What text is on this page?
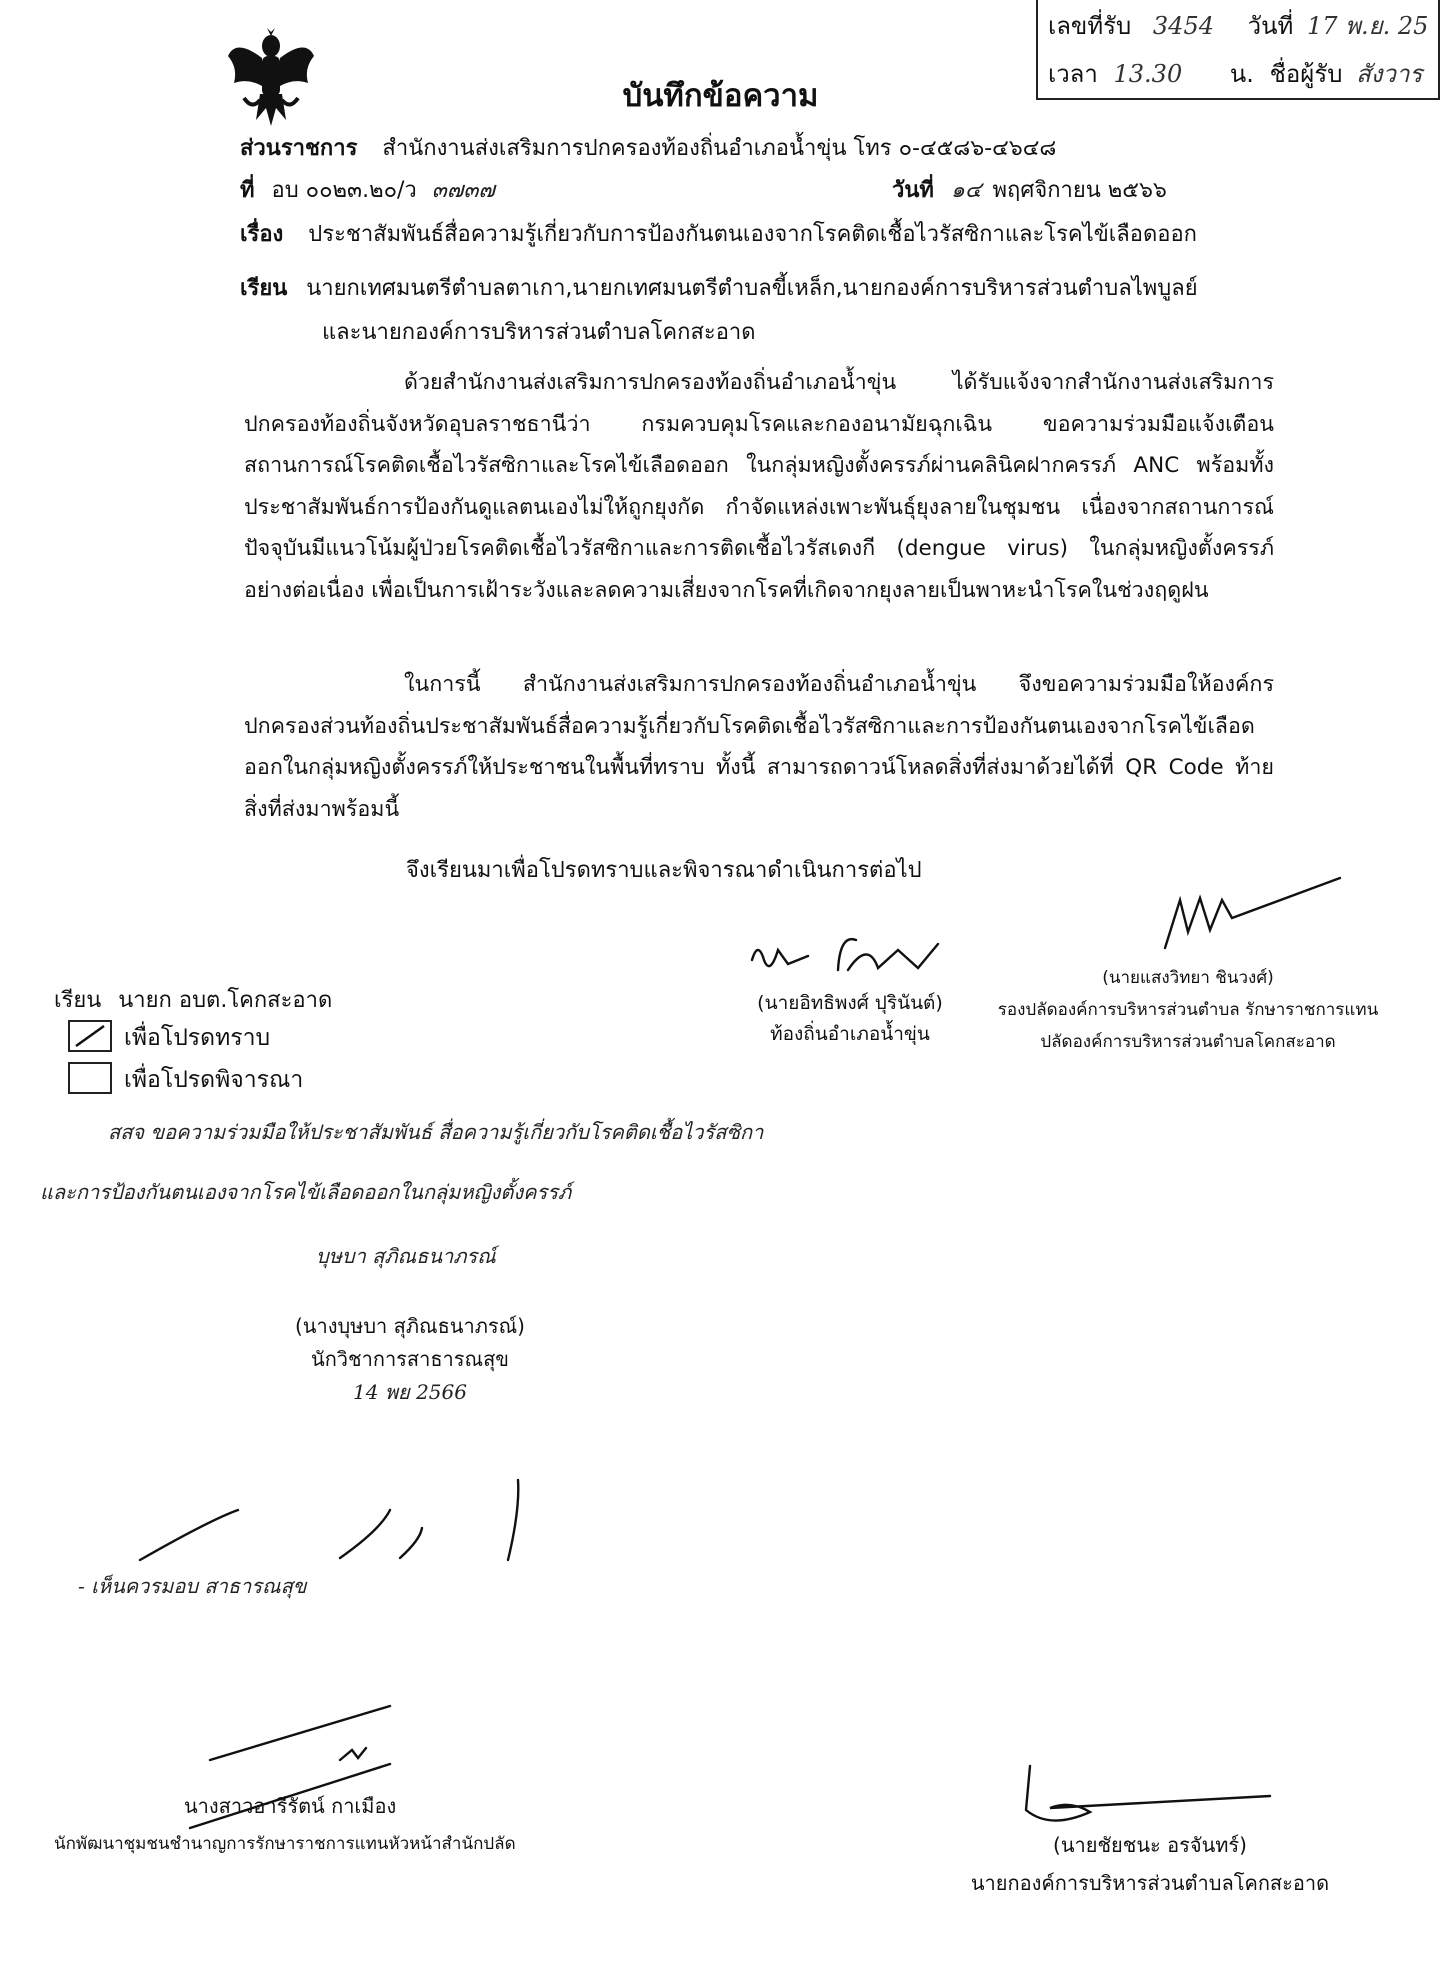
เลขที่รับ 3454 วันที่ 17 พ.ย. 25
เวลา 13.30 น. ชื่อผู้รับ สังวาร
บันทึกข้อความ
ส่วนราชการ สำนักงานส่งเสริมการปกครองท้องถิ่นอำเภอน้ำขุ่น โทร ๐-๔๕๘๖-๔๖๔๘
ที่ อบ ๐๐๒๓.๒๐/ว ๓๗๓๗	วันที่ ๑๔ พฤศจิกายน ๒๕๖๖
เรื่อง ประชาสัมพันธ์สื่อความรู้เกี่ยวกับการป้องกันตนเองจากโรคติดเชื้อไวรัสซิกาและโรคไข้เลือดออก
เรียน นายกเทศมนตรีตำบลตาเกา,นายกเทศมนตรีตำบลขี้เหล็ก,นายกองค์การบริหารส่วนตำบลไพบูลย์
และนายกองค์การบริหารส่วนตำบลโคกสะอาด
ด้วยสำนักงานส่งเสริมการปกครองท้องถิ่นอำเภอน้ำขุ่น ได้รับแจ้งจากสำนักงานส่งเสริมการปกครองท้องถิ่นจังหวัดอุบลราชธานีว่า กรมควบคุมโรคและกองอนามัยฉุกเฉิน ขอความร่วมมือแจ้งเตือนสถานการณ์โรคติดเชื้อไวรัสซิกาและโรคไข้เลือดออก ในกลุ่มหญิงตั้งครรภ์ผ่านคลินิคฝากครรภ์ ANC พร้อมทั้งประชาสัมพันธ์การป้องกันดูแลตนเองไม่ให้ถูกยุงกัด กำจัดแหล่งเพาะพันธุ์ยุงลายในชุมชน เนื่องจากสถานการณ์ปัจจุบันมีแนวโน้มผู้ป่วยโรคติดเชื้อไวรัสซิกาและการติดเชื้อไวรัสเดงกี (dengue virus) ในกลุ่มหญิงตั้งครรภ์อย่างต่อเนื่อง เพื่อเป็นการเฝ้าระวังและลดความเสี่ยงจากโรคที่เกิดจากยุงลายเป็นพาหะนำโรคในช่วงฤดูฝน
ในการนี้ สำนักงานส่งเสริมการปกครองท้องถิ่นอำเภอน้ำขุ่น จึงขอความร่วมมือให้องค์กรปกครองส่วนท้องถิ่นประชาสัมพันธ์สื่อความรู้เกี่ยวกับโรคติดเชื้อไวรัสซิกาและการป้องกันตนเองจากโรคไข้เลือดออกในกลุ่มหญิงตั้งครรภ์ให้ประชาชนในพื้นที่ทราบ ทั้งนี้ สามารถดาวน์โหลดสิ่งที่ส่งมาด้วยได้ที่ QR Code ท้ายสิ่งที่ส่งมาพร้อมนี้
จึงเรียนมาเพื่อโปรดทราบและพิจารณาดำเนินการต่อไป
(นายอิทธิพงศ์ ปุรินันต์)
ท้องถิ่นอำเภอน้ำขุ่น
(นายแสงวิทยา ชินวงศ์)
รองปลัดองค์การบริหารส่วนตำบล รักษาราชการแทน
ปลัดองค์การบริหารส่วนตำบลโคกสะอาด
เรียน นายก อบต.โคกสะอาด
เพื่อโปรดทราบ
เพื่อโปรดพิจารณา
สสจ ขอความร่วมมือให้ประชาสัมพันธ์ สื่อความรู้เกี่ยวกับโรคติดเชื้อไวรัสซิกา
และการป้องกันตนเองจากโรคไข้เลือดออกในกลุ่มหญิงตั้งครรภ์
บุษบา สุภิณธนาภรณ์
(นางบุษบา สุภิณธนาภรณ์)
นักวิชาการสาธารณสุข
14 พย 2566
- เห็นควรมอบ สาธารณสุข
นางสาวอารีรัตน์ กาเมือง
นักพัฒนาชุมชนชำนาญการรักษาราชการแทนหัวหน้าสำนักปลัด	(นายชัยชนะ อรจันทร์)
นายกองค์การบริหารส่วนตำบลโคกสะอาด
